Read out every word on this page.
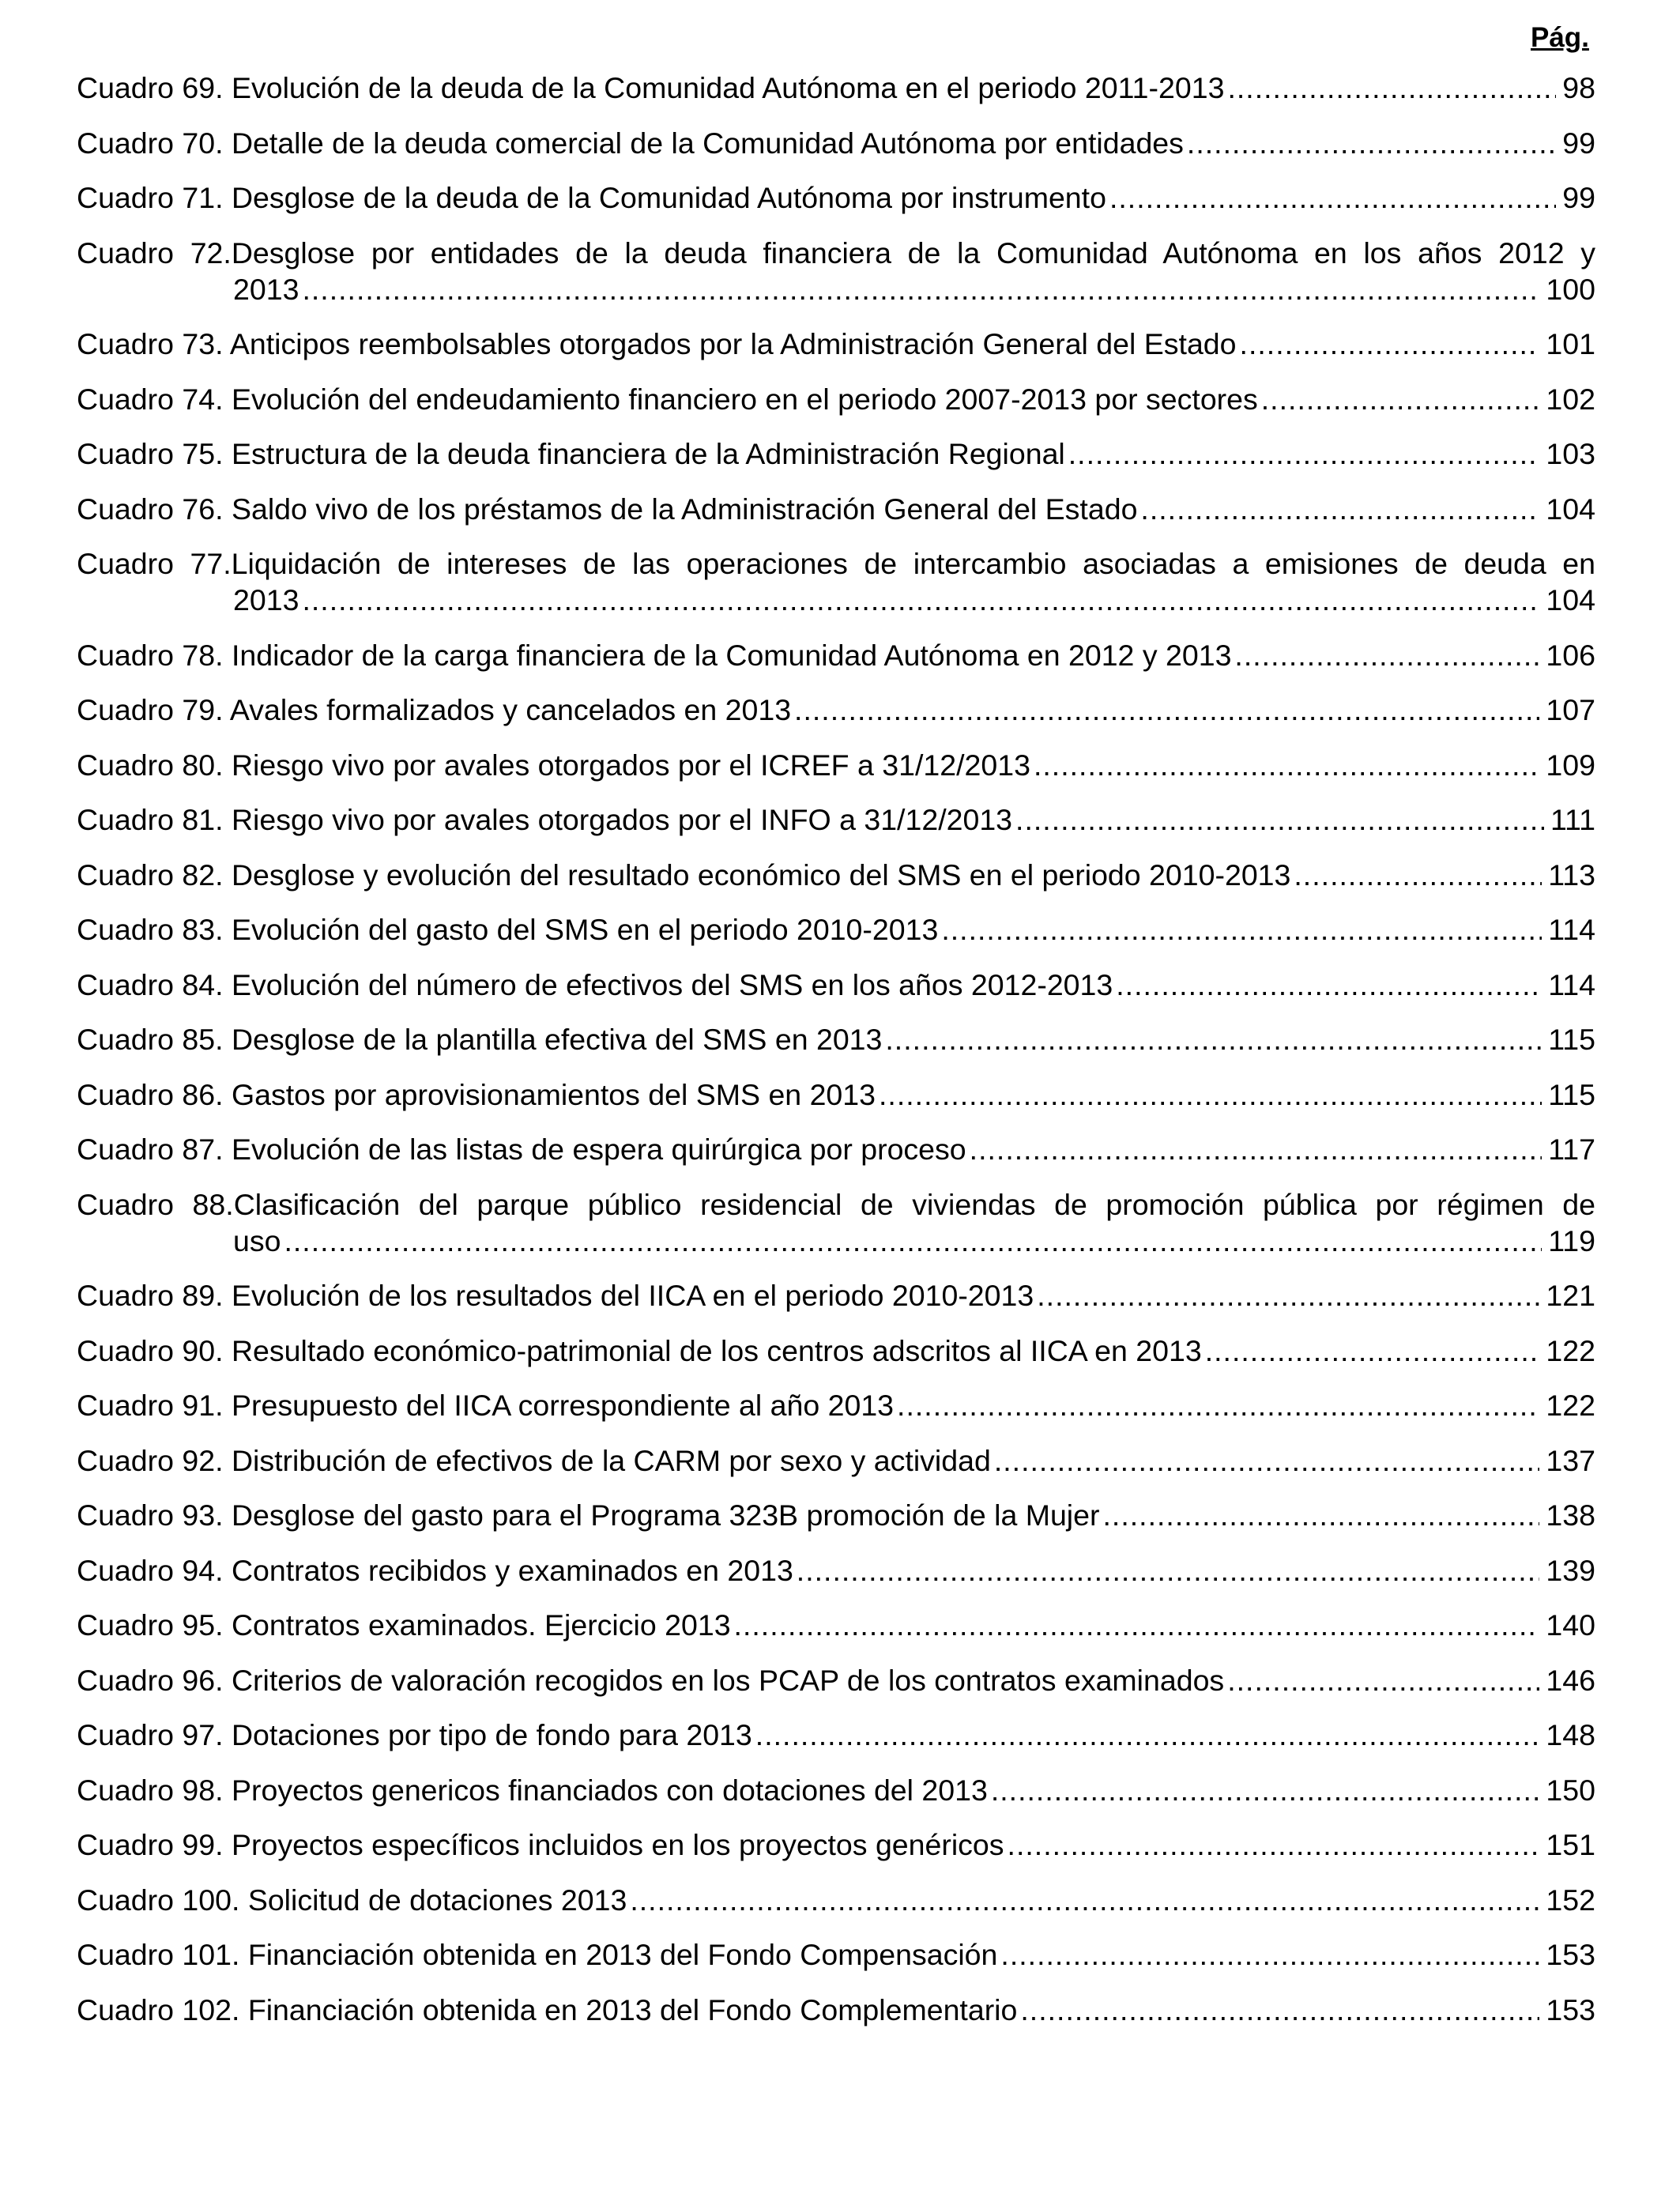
Pág.
Cuadro 69. Evolución de la deuda de la Comunidad Autónoma en el periodo 2011-2013 .....	98
Cuadro 70. Detalle de la deuda comercial de la Comunidad Autónoma por entidades .....	99
Cuadro 71. Desglose de la deuda de la Comunidad Autónoma por instrumento .....	99
Cuadro 72.Desglose por entidades de la deuda financiera de la Comunidad Autónoma en los años 2012 y
2013 .....	100
Cuadro 73. Anticipos reembolsables otorgados por la Administración General del Estado .....	101
Cuadro 74. Evolución del endeudamiento financiero en el periodo 2007-2013 por sectores .....	102
Cuadro 75. Estructura de la deuda financiera de la Administración Regional .....	103
Cuadro 76. Saldo vivo de los préstamos de la Administración General del Estado .....	104
Cuadro 77.Liquidación de intereses de las operaciones de intercambio asociadas a emisiones de deuda en
2013 .....	104
Cuadro 78. Indicador de la carga financiera de la Comunidad Autónoma en 2012 y 2013 .....	106
Cuadro 79. Avales formalizados y cancelados en 2013 .....	107
Cuadro 80. Riesgo vivo por avales otorgados por el ICREF a 31/12/2013 .....	109
Cuadro 81. Riesgo vivo por avales otorgados por el INFO a 31/12/2013 .....	111
Cuadro 82. Desglose y evolución del resultado económico del SMS en el periodo 2010-2013 .....	113
Cuadro 83. Evolución del gasto del SMS en el periodo 2010-2013 .....	114
Cuadro 84. Evolución del número de efectivos del SMS en los años 2012-2013 .....	114
Cuadro 85. Desglose de la plantilla efectiva del SMS en 2013 .....	115
Cuadro 86. Gastos por aprovisionamientos del SMS en 2013 .....	115
Cuadro 87. Evolución de las listas de espera quirúrgica por proceso .....	117
Cuadro 88.Clasificación del parque público residencial de viviendas de promoción pública por régimen de
uso .....	119
Cuadro 89. Evolución de los resultados del IICA en el periodo 2010-2013 .....	121
Cuadro 90. Resultado económico-patrimonial de los centros adscritos al IICA en 2013 .....	122
Cuadro 91. Presupuesto del IICA correspondiente al año 2013 .....	122
Cuadro 92. Distribución de efectivos de la CARM por sexo y actividad .....	137
Cuadro 93. Desglose del gasto para el Programa 323B promoción de la Mujer .....	138
Cuadro 94. Contratos recibidos y examinados en 2013 .....	139
Cuadro 95. Contratos examinados. Ejercicio 2013 .....	140
Cuadro 96. Criterios de valoración recogidos en los PCAP de los contratos examinados .....	146
Cuadro 97. Dotaciones por tipo de fondo para 2013 .....	148
Cuadro 98. Proyectos genericos financiados con dotaciones del 2013 .....	150
Cuadro 99. Proyectos específicos incluidos en los proyectos genéricos .....	151
Cuadro 100. Solicitud de dotaciones 2013 .....	152
Cuadro 101. Financiación obtenida en 2013 del Fondo Compensación .....	153
Cuadro 102. Financiación obtenida en 2013 del Fondo Complementario .....	153
